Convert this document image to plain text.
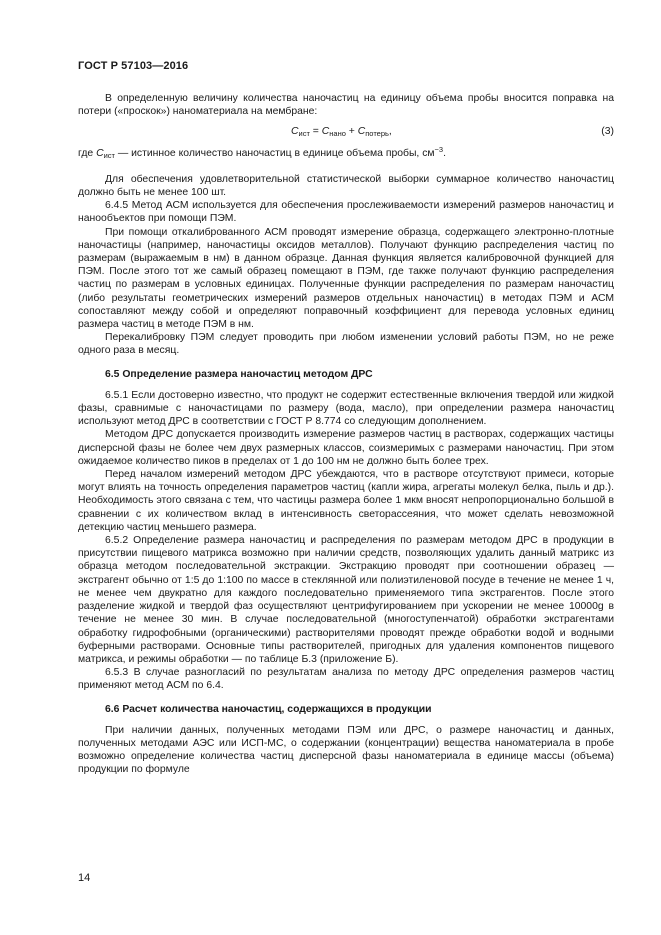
ГОСТ Р 57103—2016

В определенную величину количества наночастиц на единицу объема пробы вносится поправка на потери («проскок») наноматериала на мембране:

$C_{ист} = C_{нано} + C_{потерь}$,	(3)

где $C_{ист}$ — истинное количество наночастиц в единице объема пробы, $см^{-3}$.

Для обеспечения удовлетворительной статистической выборки суммарное количество наночастиц должно быть не менее 100 шт.

6.4.5 Метод АСМ используется для обеспечения прослеживаемости измерений размеров наночастиц и нанообъектов при помощи ПЭМ.

При помощи откалиброванного АСМ проводят измерение образца, содержащего электронно-плотные наночастицы (например, наночастицы оксидов металлов). Получают функцию распределения частиц по размерам (выражаемым в нм) в данном образце. Данная функция является калибровочной функцией для ПЭМ. После этого тот же самый образец помещают в ПЭМ, где также получают функцию распределения частиц по размерам в условных единицах. Полученные функции распределения по размерам наночастиц (либо результаты геометрических измерений размеров отдельных наночастиц) в методах ПЭМ и АСМ сопоставляют между собой и определяют поправочный коэффициент для перевода условных единиц размера частиц в методе ПЭМ в нм.

Перекалибровку ПЭМ следует проводить при любом изменении условий работы ПЭМ, но не реже одного раза в месяц.

6.5 Определение размера наночастиц методом ДРС

6.5.1 Если достоверно известно, что продукт не содержит естественные включения твердой или жидкой фазы, сравнимые с наночастицами по размеру (вода, масло), при определении размера наночастиц используют метод ДРС в соответствии с ГОСТ Р 8.774 со следующим дополнением.

Методом ДРС допускается производить измерение размеров частиц в растворах, содержащих частицы дисперсной фазы не более чем двух размерных классов, соизмеримых с размерами наночастиц. При этом ожидаемое количество пиков в пределах от 1 до 100 нм не должно быть более трех.

Перед началом измерений методом ДРС убеждаются, что в растворе отсутствуют примеси, которые могут влиять на точность определения параметров частиц (капли жира, агрегаты молекул белка, пыль и др.). Необходимость этого связана с тем, что частицы размера более 1 мкм вносят непропорционально большой в сравнении с их количеством вклад в интенсивность светорассеяния, что может сделать невозможной детекцию частиц меньшего размера.

6.5.2 Определение размера наночастиц и распределения по размерам методом ДРС в продукции в присутствии пищевого матрикса возможно при наличии средств, позволяющих удалить данный матрикс из образца методом последовательной экстракции. Экстракцию проводят при соотношении образец — экстрагент обычно от 1:5 до 1:100 по массе в стеклянной или полиэтиленовой посуде в течение не менее 1 ч, не менее чем двукратно для каждого последовательно применяемого типа экстрагентов. После этого разделение жидкой и твердой фаз осуществляют центрифугированием при ускорении не менее 10000g в течение не менее 30 мин. В случае последовательной (многоступенчатой) обработки экстрагентами обработку гидрофобными (органическими) растворителями проводят прежде обработки водой и водными буферными растворами. Основные типы растворителей, пригодных для удаления компонентов пищевого матрикса, и режимы обработки — по таблице Б.3 (приложение Б).

6.5.3 В случае разногласий по результатам анализа по методу ДРС определения размеров частиц применяют метод АСМ по 6.4.

6.6 Расчет количества наночастиц, содержащихся в продукции

При наличии данных, полученных методами ПЭМ или ДРС, о размере наночастиц и данных, полученных методами АЭС или ИСП-МС, о содержании (концентрации) вещества наноматериала в пробе возможно определение количества частиц дисперсной фазы наноматериала в единице массы (объема) продукции по формуле

14
